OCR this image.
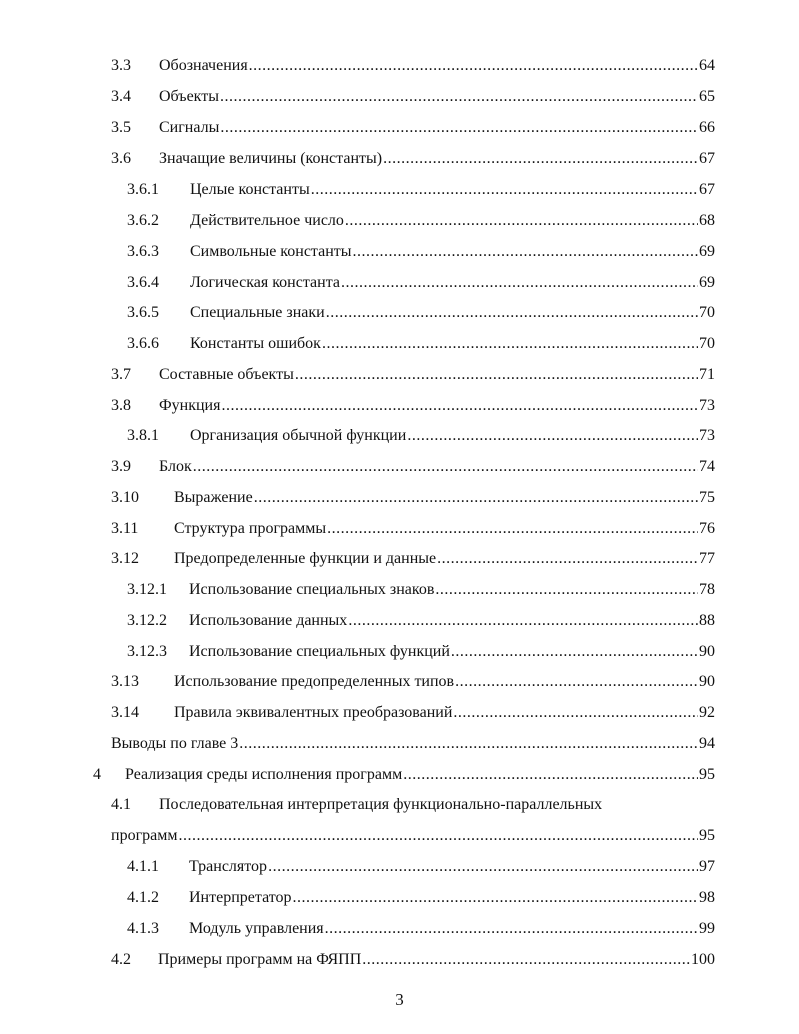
3.3	Обозначения .....	64
3.4	Объекты .....	65
3.5	Сигналы .....	66
3.6	Значащие величины (константы) .....	67
3.6.1	Целые константы .....	67
3.6.2	Действительное число .....	68
3.6.3	Символьные константы .....	69
3.6.4	Логическая константа .....	69
3.6.5	Специальные знаки .....	70
3.6.6	Константы ошибок .....	70
3.7	Составные объекты .....	71
3.8	Функция .....	73
3.8.1	Организация обычной функции .....	73
3.9	Блок .....	74
3.10	Выражение .....	75
3.11	Структура программы .....	76
3.12	Предопределенные функции и данные .....	77
3.12.1	Использование специальных знаков .....	78
3.12.2	Использование данных .....	88
3.12.3	Использование специальных функций .....	90
3.13	Использование предопределенных типов .....	90
3.14	Правила эквивалентных преобразований .....	92
Выводы по главе 3 .....	94
4	Реализация среды исполнения программ .....	95
4.1 Последовательная интерпретация функционально-параллельных
программ .....	95
4.1.1	Транслятор .....	97
4.1.2	Интерпретатор .....	98
4.1.3	Модуль управления .....	99
4.2	Примеры программ на ФЯПП .....	100
3
